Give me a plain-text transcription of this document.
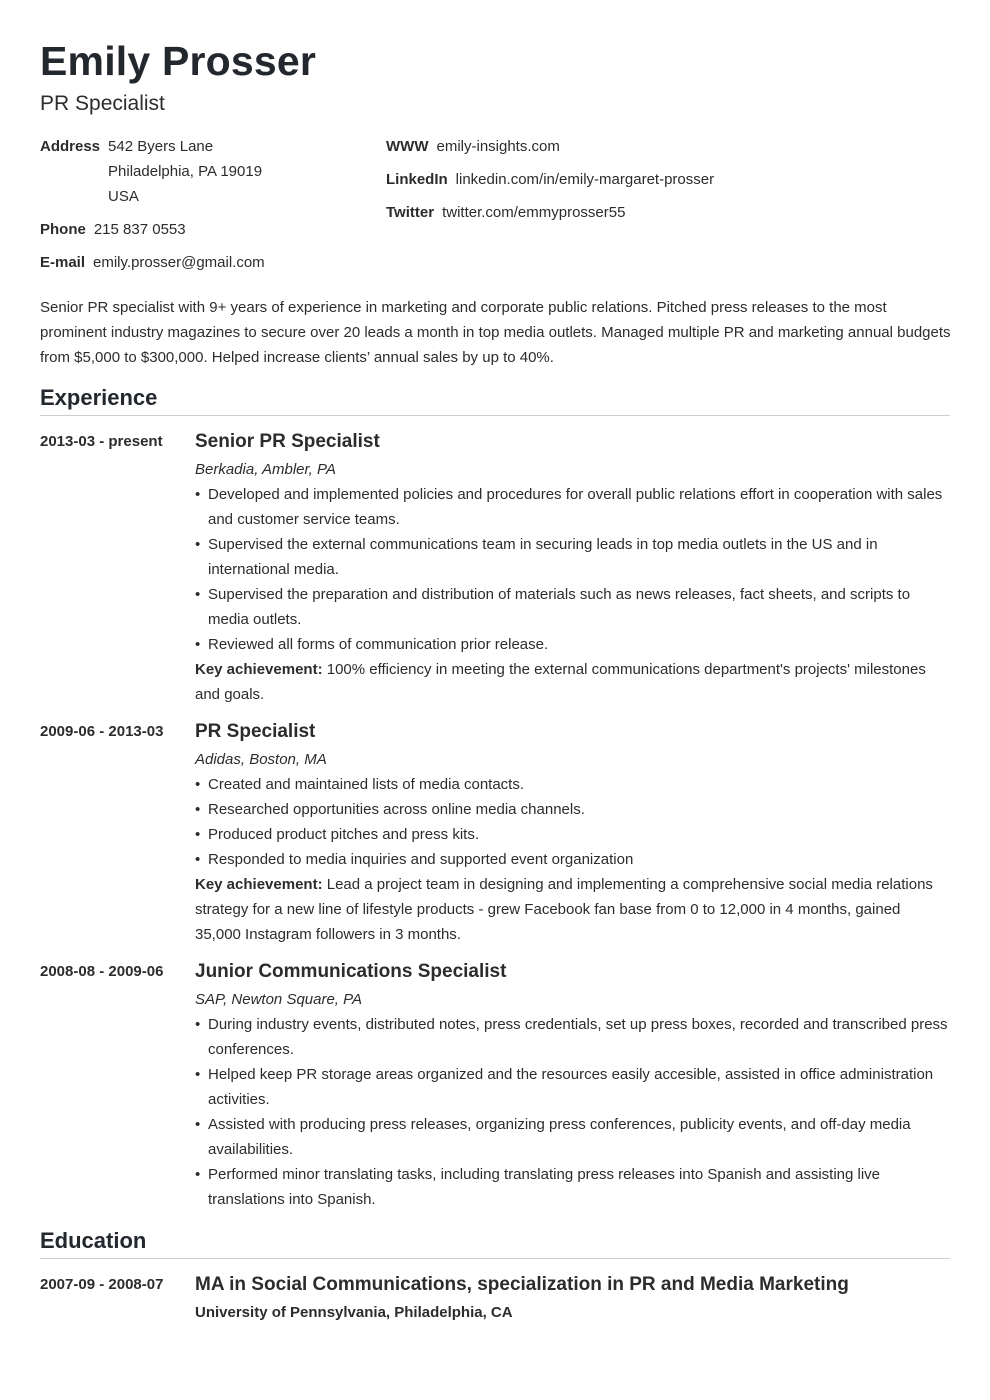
Emily Prosser
PR Specialist
Address 542 Byers Lane
Philadelphia, PA 19019
USA
Phone 215 837 0553
E-mail emily.prosser@gmail.com
WWW emily-insights.com
LinkedIn linkedin.com/in/emily-margaret-prosser
Twitter twitter.com/emmyprosser55
Senior PR specialist with 9+ years of experience in marketing and corporate public relations. Pitched press releases to the most prominent industry magazines to secure over 20 leads a month in top media outlets. Managed multiple PR and marketing annual budgets from $5,000 to $300,000. Helped increase clients’ annual sales by up to 40%.
Experience
2013-03 - present	Senior PR Specialist
Berkadia, Ambler, PA
• Developed and implemented policies and procedures for overall public relations effort in cooperation with sales and customer service teams.
• Supervised the external communications team in securing leads in top media outlets in the US and in international media.
• Supervised the preparation and distribution of materials such as news releases, fact sheets, and scripts to media outlets.
• Reviewed all forms of communication prior release.
Key achievement: 100% efficiency in meeting the external communications department's projects' milestones and goals.
2009-06 - 2013-03	PR Specialist
Adidas, Boston, MA
• Created and maintained lists of media contacts.
• Researched opportunities across online media channels.
• Produced product pitches and press kits.
• Responded to media inquiries and supported event organization
Key achievement: Lead a project team in designing and implementing a comprehensive social media relations strategy for a new line of lifestyle products - grew Facebook fan base from 0 to 12,000 in 4 months, gained 35,000 Instagram followers in 3 months.
2008-08 - 2009-06	Junior Communications Specialist
SAP, Newton Square, PA
• During industry events, distributed notes, press credentials, set up press boxes, recorded and transcribed press conferences.
• Helped keep PR storage areas organized and the resources easily accesible, assisted in office administration activities.
• Assisted with producing press releases, organizing press conferences, publicity events, and off-day media availabilities.
• Performed minor translating tasks, including translating press releases into Spanish and assisting live translations into Spanish.
Education
2007-09 - 2008-07	MA in Social Communications, specialization in PR and Media Marketing
University of Pennsylvania, Philadelphia, CA
